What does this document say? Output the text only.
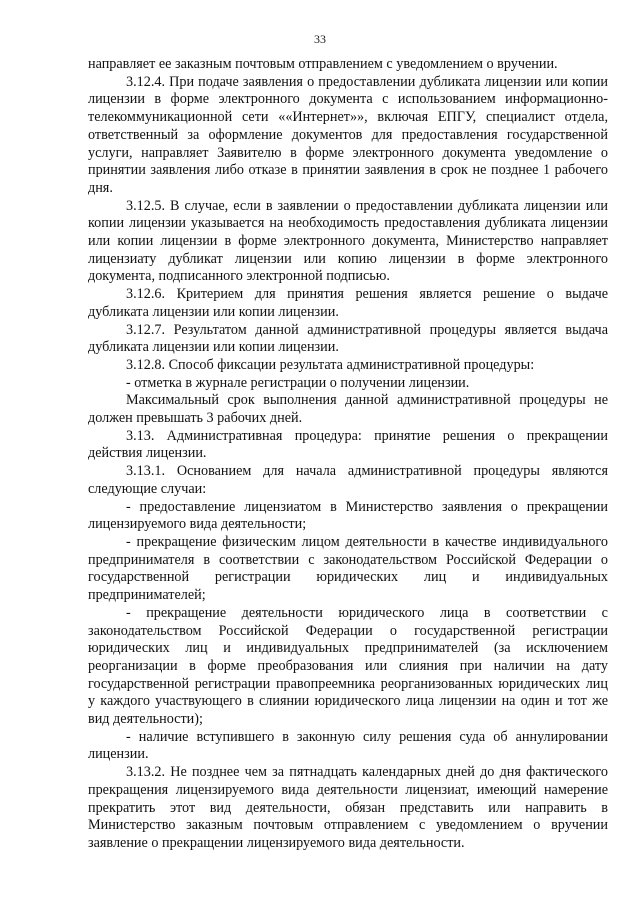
33

направляет ее заказным почтовым отправлением с уведомлением о вручении.

3.12.4. При подаче заявления о предоставлении дубликата лицензии или копии лицензии в форме электронного документа с использованием информационно-телекоммуникационной сети ««Интернет»», включая ЕПГУ, специалист отдела, ответственный за оформление документов для предоставления государственной услуги, направляет Заявителю в форме электронного документа уведомление о принятии заявления либо отказе в принятии заявления в срок не позднее 1 рабочего дня.

3.12.5. В случае, если в заявлении о предоставлении дубликата лицензии или копии лицензии указывается на необходимость предоставления дубликата лицензии или копии лицензии в форме электронного документа, Министерство направляет лицензиату дубликат лицензии или копию лицензии в форме электронного документа, подписанного электронной подписью.

3.12.6. Критерием для принятия решения является решение о выдаче дубликата лицензии или копии лицензии.

3.12.7. Результатом данной административной процедуры является выдача дубликата лицензии или копии лицензии.

3.12.8. Способ фиксации результата административной процедуры:

- отметка в журнале регистрации о получении лицензии.

Максимальный срок выполнения данной административной процедуры не должен превышать 3 рабочих дней.

3.13. Административная процедура: принятие решения о прекращении действия лицензии.

3.13.1. Основанием для начала административной процедуры являются следующие случаи:

- предоставление лицензиатом в Министерство заявления о прекращении лицензируемого вида деятельности;

- прекращение физическим лицом деятельности в качестве индивидуального предпринимателя в соответствии с законодательством Российской Федерации о государственной регистрации юридических лиц и индивидуальных предпринимателей;

- прекращение деятельности юридического лица в соответствии с законодательством Российской Федерации о государственной регистрации юридических лиц и индивидуальных предпринимателей (за исключением реорганизации в форме преобразования или слияния при наличии на дату государственной регистрации правопреемника реорганизованных юридических лиц у каждого участвующего в слиянии юридического лица лицензии на один и тот же вид деятельности);

- наличие вступившего в законную силу решения суда об аннулировании лицензии.

3.13.2. Не позднее чем за пятнадцать календарных дней до дня фактического прекращения лицензируемого вида деятельности лицензиат, имеющий намерение прекратить этот вид деятельности, обязан представить или направить в Министерство заказным почтовым отправлением с уведомлением о вручении заявление о прекращении лицензируемого вида деятельности.
